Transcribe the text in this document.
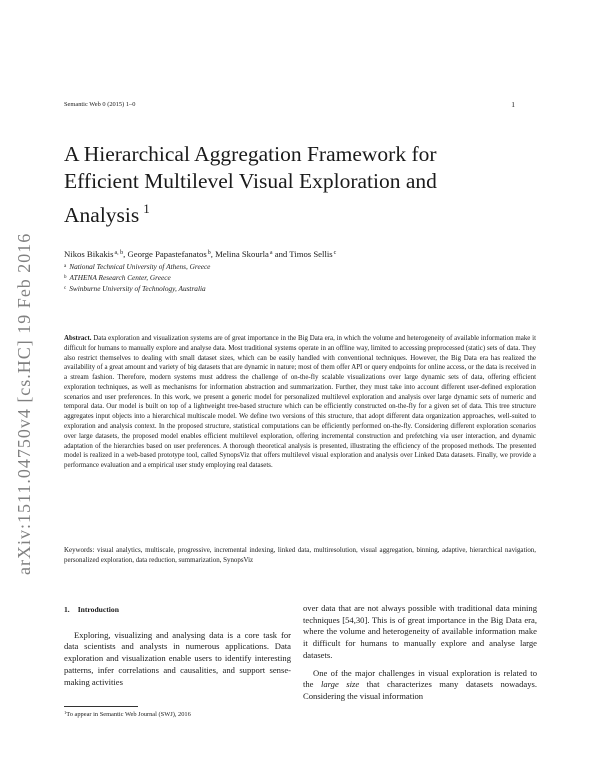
arXiv:1511.04750v4 [cs.HC] 19 Feb 2016
Semantic Web 0 (2015) 1–0	1
A Hierarchical Aggregation Framework for Efficient Multilevel Visual Exploration and Analysis $^1$
Nikos Bikakis$^{a, b}$, George Papastefanatos$^b$, Melina Skourla$^a$ and Timos Sellis$^c$
$^a$ National Technical University of Athens, Greece
$^b$ ATHENA Research Center, Greece
$^c$ Swinburne University of Technology, Australia

Abstract. Data exploration and visualization systems are of great importance in the Big Data era, in which the volume and heterogeneity of available information make it difficult for humans to manually explore and analyse data. Most traditional systems operate in an offline way, limited to accessing preprocessed (static) sets of data. They also restrict themselves to dealing with small dataset sizes, which can be easily handled with conventional techniques. However, the Big Data era has realized the availability of a great amount and variety of big datasets that are dynamic in nature; most of them offer API or query endpoints for online access, or the data is received in a stream fashion. Therefore, modern systems must address the challenge of on-the-fly scalable visualizations over large dynamic sets of data, offering efficient exploration techniques, as well as mechanisms for information abstraction and summarization. Further, they must take into account different user-defined exploration scenarios and user preferences. In this work, we present a generic model for personalized multilevel exploration and analysis over large dynamic sets of numeric and temporal data. Our model is built on top of a lightweight tree-based structure which can be efficiently constructed on-the-fly for a given set of data. This tree structure aggregates input objects into a hierarchical multiscale model. We define two versions of this structure, that adopt different data organization approaches, well-suited to exploration and analysis context. In the proposed structure, statistical computations can be efficiently performed on-the-fly. Considering different exploration scenarios over large datasets, the proposed model enables efficient multilevel exploration, offering incremental construction and prefetching via user interaction, and dynamic adaptation of the hierarchies based on user preferences. A thorough theoretical analysis is presented, illustrating the efficiency of the proposed methods. The presented model is realized in a web-based prototype tool, called SynopsViz that offers multilevel visual exploration and analysis over Linked Data datasets. Finally, we provide a performance evaluation and a empirical user study employing real datasets.

Keywords: visual analytics, multiscale, progressive, incremental indexing, linked data, multiresolution, visual aggregation, binning, adaptive, hierarchical navigation, personalized exploration, data reduction, summarization, SynopsViz

1. Introduction

Exploring, visualizing and analysing data is a core task for data scientists and analysts in numerous applications. Data exploration and visualization enable users to identify interesting patterns, infer correlations and causalities, and support sense-making activities

over data that are not always possible with traditional data mining techniques [54,30]. This is of great importance in the Big Data era, where the volume and heterogeneity of available information make it difficult for humans to manually explore and analyse large datasets.

One of the major challenges in visual exploration is related to the large size that characterizes many datasets nowadays. Considering the visual information

$^1$To appear in Semantic Web Journal (SWJ), 2016
